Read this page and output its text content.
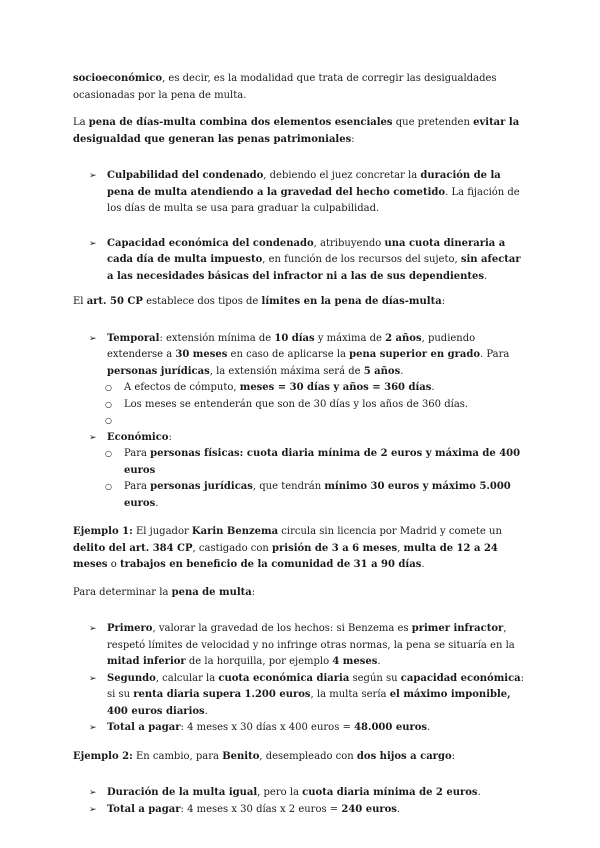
socioeconómico, es decir, es la modalidad que trata de corregir las desigualdades ocasionadas por la pena de multa.

La pena de días-multa combina dos elementos esenciales que pretenden evitar la desigualdad que generan las penas patrimoniales:

➢ Culpabilidad del condenado, debiendo el juez concretar la duración de la pena de multa atendiendo a la gravedad del hecho cometido. La fijación de los días de multa se usa para graduar la culpabilidad.
➢ Capacidad económica del condenado, atribuyendo una cuota dineraria a cada día de multa impuesto, en función de los recursos del sujeto, sin afectar a las necesidades básicas del infractor ni a las de sus dependientes.

El art. 50 CP establece dos tipos de límites en la pena de días-multa:

➢ Temporal: extensión mínima de 10 días y máxima de 2 años, pudiendo extenderse a 30 meses en caso de aplicarse la pena superior en grado. Para personas jurídicas, la extensión máxima será de 5 años.
○ A efectos de cómputo, meses = 30 días y años = 360 días.
○ Los meses se entenderán que son de 30 días y los años de 360 días.
○

➢ Económico:
○ Para personas físicas: cuota diaria mínima de 2 euros y máxima de 400 euros
○ Para personas jurídicas, que tendrán mínimo 30 euros y máximo 5.000 euros.

Ejemplo 1: El jugador Karin Benzema circula sin licencia por Madrid y comete un delito del art. 384 CP, castigado con prisión de 3 a 6 meses, multa de 12 a 24 meses o trabajos en beneficio de la comunidad de 31 a 90 días.

Para determinar la pena de multa:

➢ Primero, valorar la gravedad de los hechos: si Benzema es primer infractor, respetó límites de velocidad y no infringe otras normas, la pena se situaría en la mitad inferior de la horquilla, por ejemplo 4 meses.
➢ Segundo, calcular la cuota económica diaria según su capacidad económica: si su renta diaria supera 1.200 euros, la multa sería el máximo imponible, 400 euros diarios.
➢ Total a pagar: 4 meses x 30 días x 400 euros = 48.000 euros.

Ejemplo 2: En cambio, para Benito, desempleado con dos hijos a cargo:

➢ Duración de la multa igual, pero la cuota diaria mínima de 2 euros.
➢ Total a pagar: 4 meses x 30 días x 2 euros = 240 euros.
